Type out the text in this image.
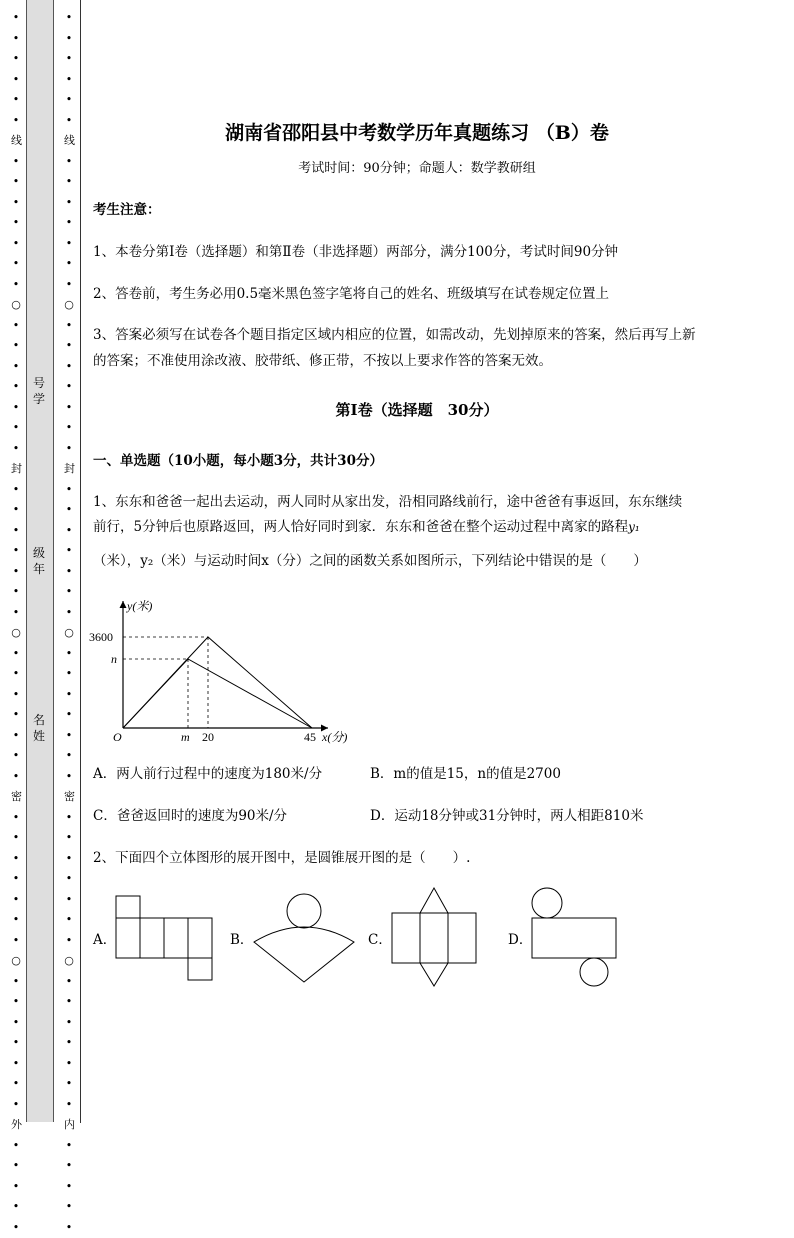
•
•
•
•
•
•
线
•
•
•
•
•
•
•
○
•
•
•
•
•
•
•
封
•
•
•
•
•
•
•
○
•
•
•
•
•
•
•
密
•
•
•
•
•
•
•
○
•
•
•
•
•
•
•
外
•
•
•
•
•

号学
级年
名姓
•
•
•
•
•
•
线
•
•
•
•
•
•
•
○
•
•
•
•
•
•
•
封
•
•
•
•
•
•
•
○
•
•
•
•
•
•
•
密
•
•
•
•
•
•
•
○
•
•
•
•
•
•
•
内
•
•
•
•
•

湖南省邵阳县中考数学历年真题练习 （B）卷
考试时间：90分钟；命题人：数学教研组
考生注意：
1、本卷分第I卷（选择题）和第Ⅱ卷（非选择题）两部分，满分100分，考试时间90分钟
2、答卷前，考生务必用0.5毫米黑色签字笔将自己的姓名、班级填写在试卷规定位置上
3、答案必须写在试卷各个题目指定区域内相应的位置，如需改动，先划掉原来的答案，然后再写上新
的答案；不准使用涂改液、胶带纸、修正带，不按以上要求作答的答案无效。
第I卷（选择题　30分）
一、单选题（10小题，每小题3分，共计30分）
1、东东和爸爸一起出去运动，两人同时从家出发，沿相同路线前行，途中爸爸有事返回，东东继续
前行，5分钟后也原路返回，两人恰好同时到家．东东和爸爸在整个运动过程中离家的路程y₁
（米），y₂（米）与运动时间x（分）之间的函数关系如图所示，下列结论中错误的是（　　）
y(米)
3600
n
O	m 20	45 x(分)
A．两人前行过程中的速度为180米/分	B．m的值是15，n的值是2700
C．爸爸返回时的速度为90米/分	D．运动18分钟或31分钟时，两人相距810米
2、下面四个立体图形的展开图中，是圆锥展开图的是（　　）.
A．	B．	C．	D．
